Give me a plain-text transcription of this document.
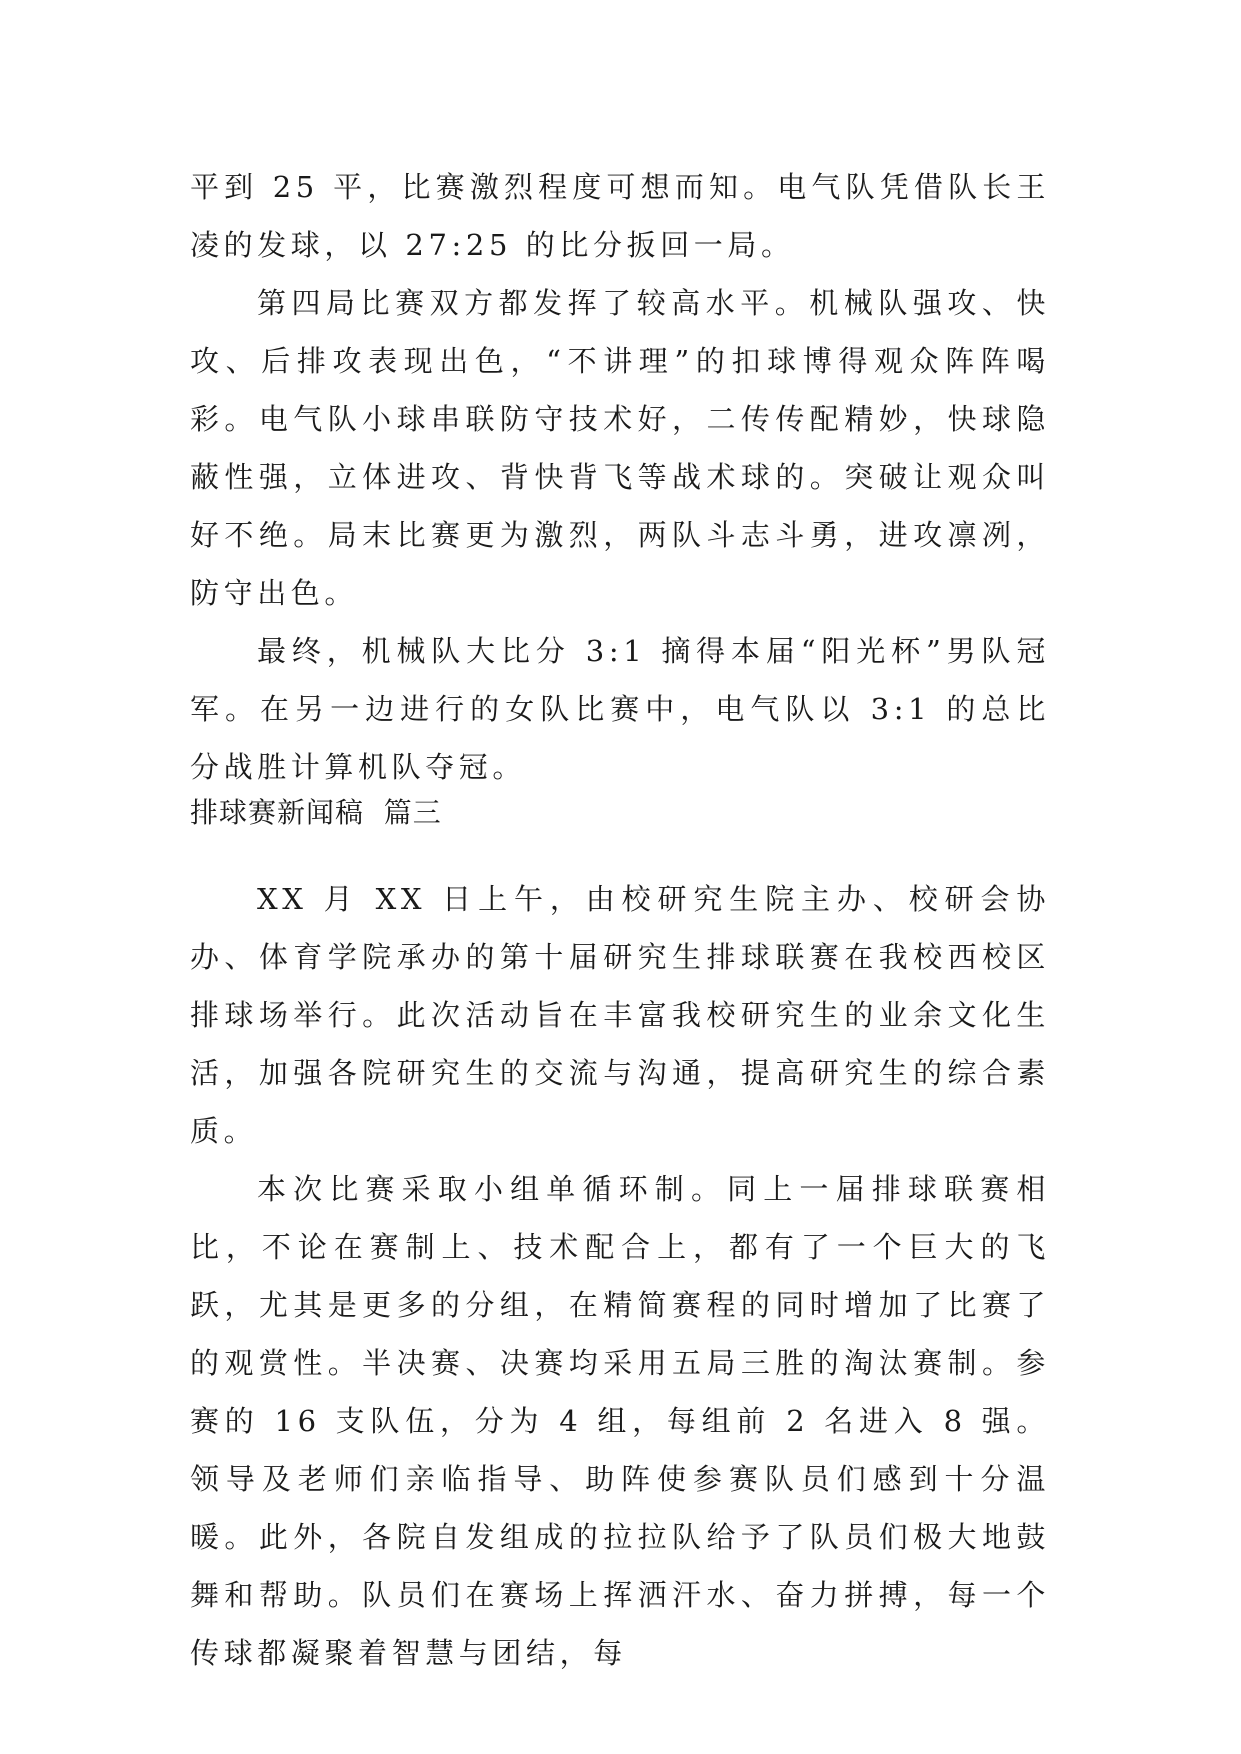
平到 25 平，比赛激烈程度可想而知。电气队凭借队长王凌的发球，以 27:25 的比分扳回一局。

第四局比赛双方都发挥了较高水平。机械队强攻、快攻、后排攻表现出色，“不讲理”的扣球博得观众阵阵喝彩。电气队小球串联防守技术好，二传传配精妙，快球隐蔽性强，立体进攻、背快背飞等战术球的。突破让观众叫好不绝。局末比赛更为激烈，两队斗志斗勇，进攻凛冽，防守出色。

最终，机械队大比分 3:1 摘得本届“阳光杯”男队冠军。在另一边进行的女队比赛中，电气队以 3:1 的总比分战胜计算机队夺冠。

排球赛新闻稿  篇三

XX 月 XX 日上午，由校研究生院主办、校研会协办、体育学院承办的第十届研究生排球联赛在我校西校区排球场举行。此次活动旨在丰富我校研究生的业余文化生活，加强各院研究生的交流与沟通，提高研究生的综合素质。

本次比赛采取小组单循环制。同上一届排球联赛相比，不论在赛制上、技术配合上，都有了一个巨大的飞跃，尤其是更多的分组，在精简赛程的同时增加了比赛了的观赏性。半决赛、决赛均采用五局三胜的淘汰赛制。参赛的 16 支队伍，分为 4 组，每组前 2 名进入 8 强。领导及老师们亲临指导、助阵使参赛队员们感到十分温暖。此外，各院自发组成的拉拉队给予了队员们极大地鼓舞和帮助。队员们在赛场上挥洒汗水、奋力拼搏，每一个传球都凝聚着智慧与团结，每
